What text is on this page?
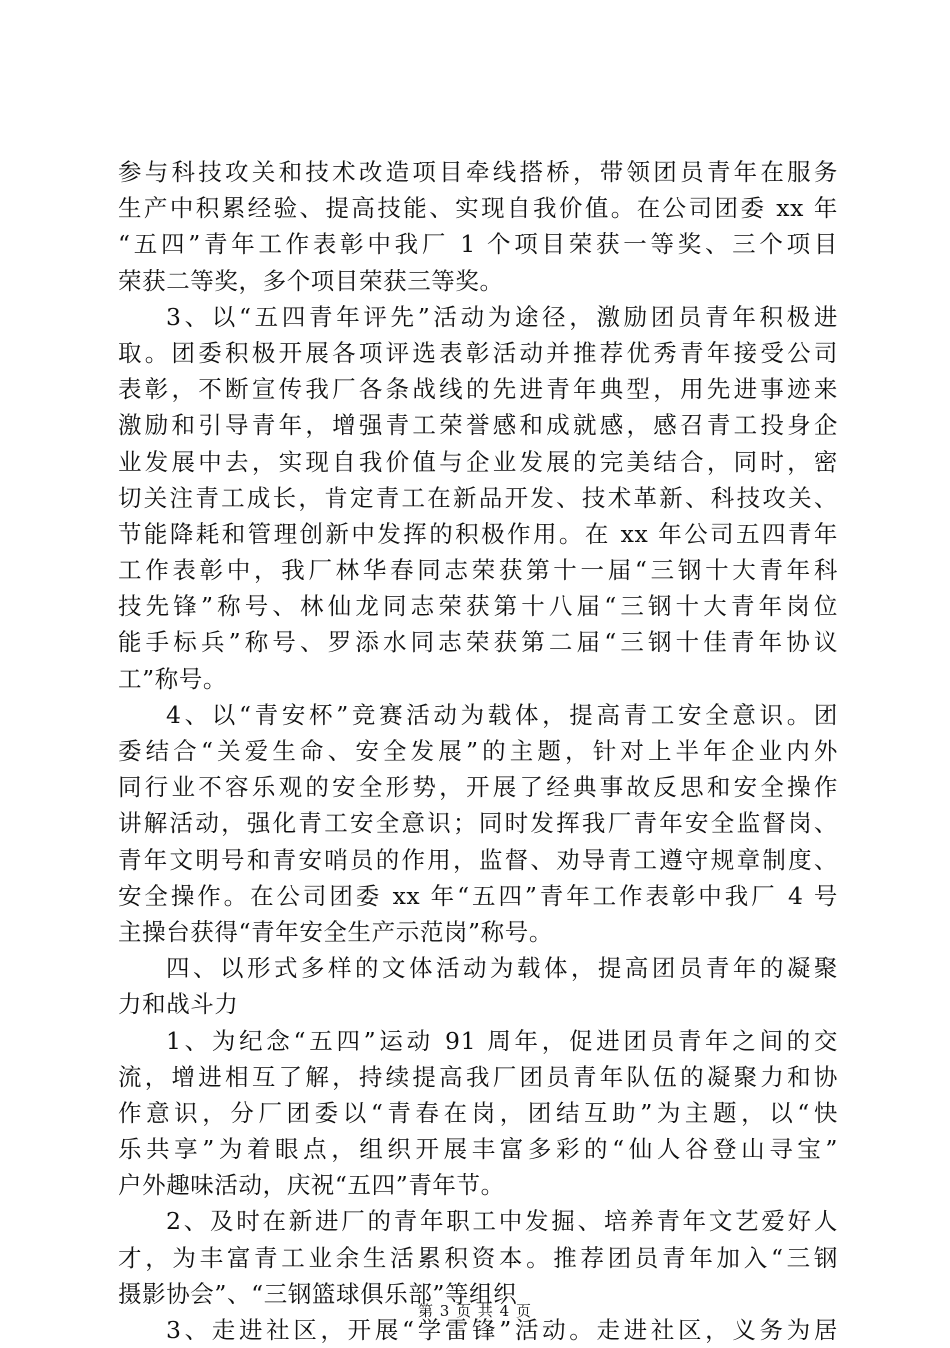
参与科技攻关和技术改造项目牵线搭桥，带领团员青年在服务
生产中积累经验、提高技能、实现自我价值。在公司团委 xx 年
“五四”青年工作表彰中我厂 1 个项目荣获一等奖、三个项目
荣获二等奖，多个项目荣获三等奖。
3、以“五四青年评先”活动为途径，激励团员青年积极进
取。团委积极开展各项评选表彰活动并推荐优秀青年接受公司
表彰，不断宣传我厂各条战线的先进青年典型，用先进事迹来
激励和引导青年，增强青工荣誉感和成就感，感召青工投身企
业发展中去，实现自我价值与企业发展的完美结合，同时，密
切关注青工成长，肯定青工在新品开发、技术革新、科技攻关、
节能降耗和管理创新中发挥的积极作用。在 xx 年公司五四青年
工作表彰中，我厂林华春同志荣获第十一届“三钢十大青年科
技先锋”称号、林仙龙同志荣获第十八届“三钢十大青年岗位
能手标兵”称号、罗添水同志荣获第二届“三钢十佳青年协议
工”称号。
4、以“青安杯”竞赛活动为载体，提高青工安全意识。团
委结合“关爱生命、安全发展”的主题，针对上半年企业内外
同行业不容乐观的安全形势，开展了经典事故反思和安全操作
讲解活动，强化青工安全意识；同时发挥我厂青年安全监督岗、
青年文明号和青安哨员的作用，监督、劝导青工遵守规章制度、
安全操作。在公司团委 xx 年“五四”青年工作表彰中我厂 4 号
主操台获得“青年安全生产示范岗”称号。
四、以形式多样的文体活动为载体，提高团员青年的凝聚
力和战斗力
1、为纪念“五四”运动 91 周年，促进团员青年之间的交
流，增进相互了解，持续提高我厂团员青年队伍的凝聚力和协
作意识，分厂团委以“青春在岗，团结互助”为主题，以“快
乐共享”为着眼点，组织开展丰富多彩的“仙人谷登山寻宝”
户外趣味活动，庆祝“五四”青年节。
2、及时在新进厂的青年职工中发掘、培养青年文艺爱好人
才，为丰富青工业余生活累积资本。推荐团员青年加入“三钢
摄影协会”、“三钢篮球俱乐部”等组织
3、走进社区，开展“学雷锋”活动。走进社区，义务为居
第 3 页 共 4 页
